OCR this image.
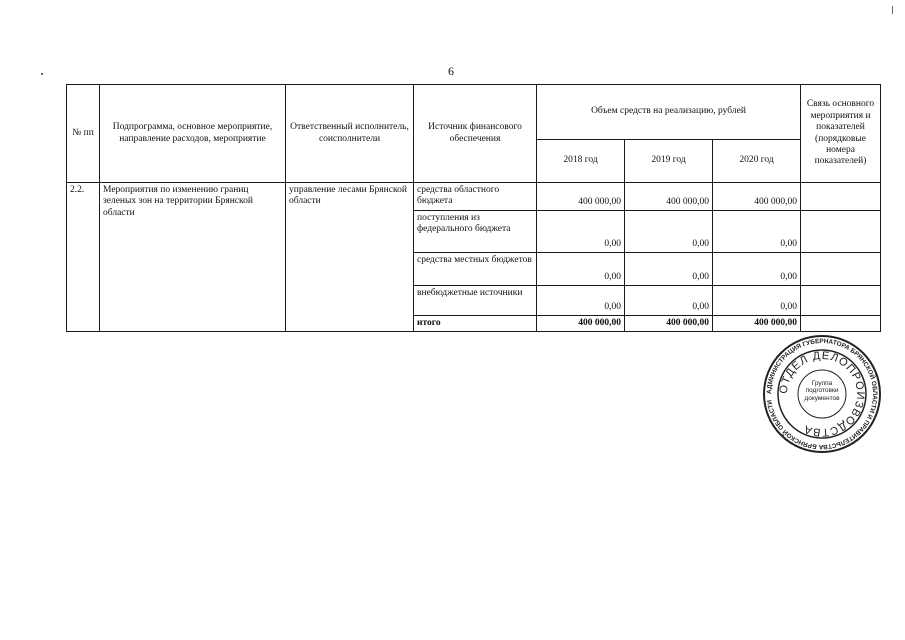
6
№ пп	Подпрограмма, основное мероприятие, направление расходов, мероприятие	Ответственный исполнитель, соисполнители	Источник финансового обеспечения	Объем средств на реализацию, рублей			Связь основного мероприятия и показателей (порядковые номера показателей)
				2018 год	2019 год	2020 год	
2.2.	Мероприятия по изменению границ зеленых зон на территории Брянской области	управление лесами Брянской области	средства областного бюджета	400 000,00	400 000,00	400 000,00	
			поступления из федерального бюджета	0,00	0,00	0,00	
			средства местных бюджетов	0,00	0,00	0,00	
			внебюджетные источники	0,00	0,00	0,00	
			итого	400 000,00	400 000,00	400 000,00	
АДМИНИСТРАЦИЯ ГУБЕРНАТОРА БРЯНСКОЙ ОБЛАСТИ И ПРАВИТЕЛЬСТВА БРЯНСКОЙ ОБЛАСТИ
ОТДЕЛ ДЕЛОПРОИЗВОДСТВА
Группа подготовки документов
